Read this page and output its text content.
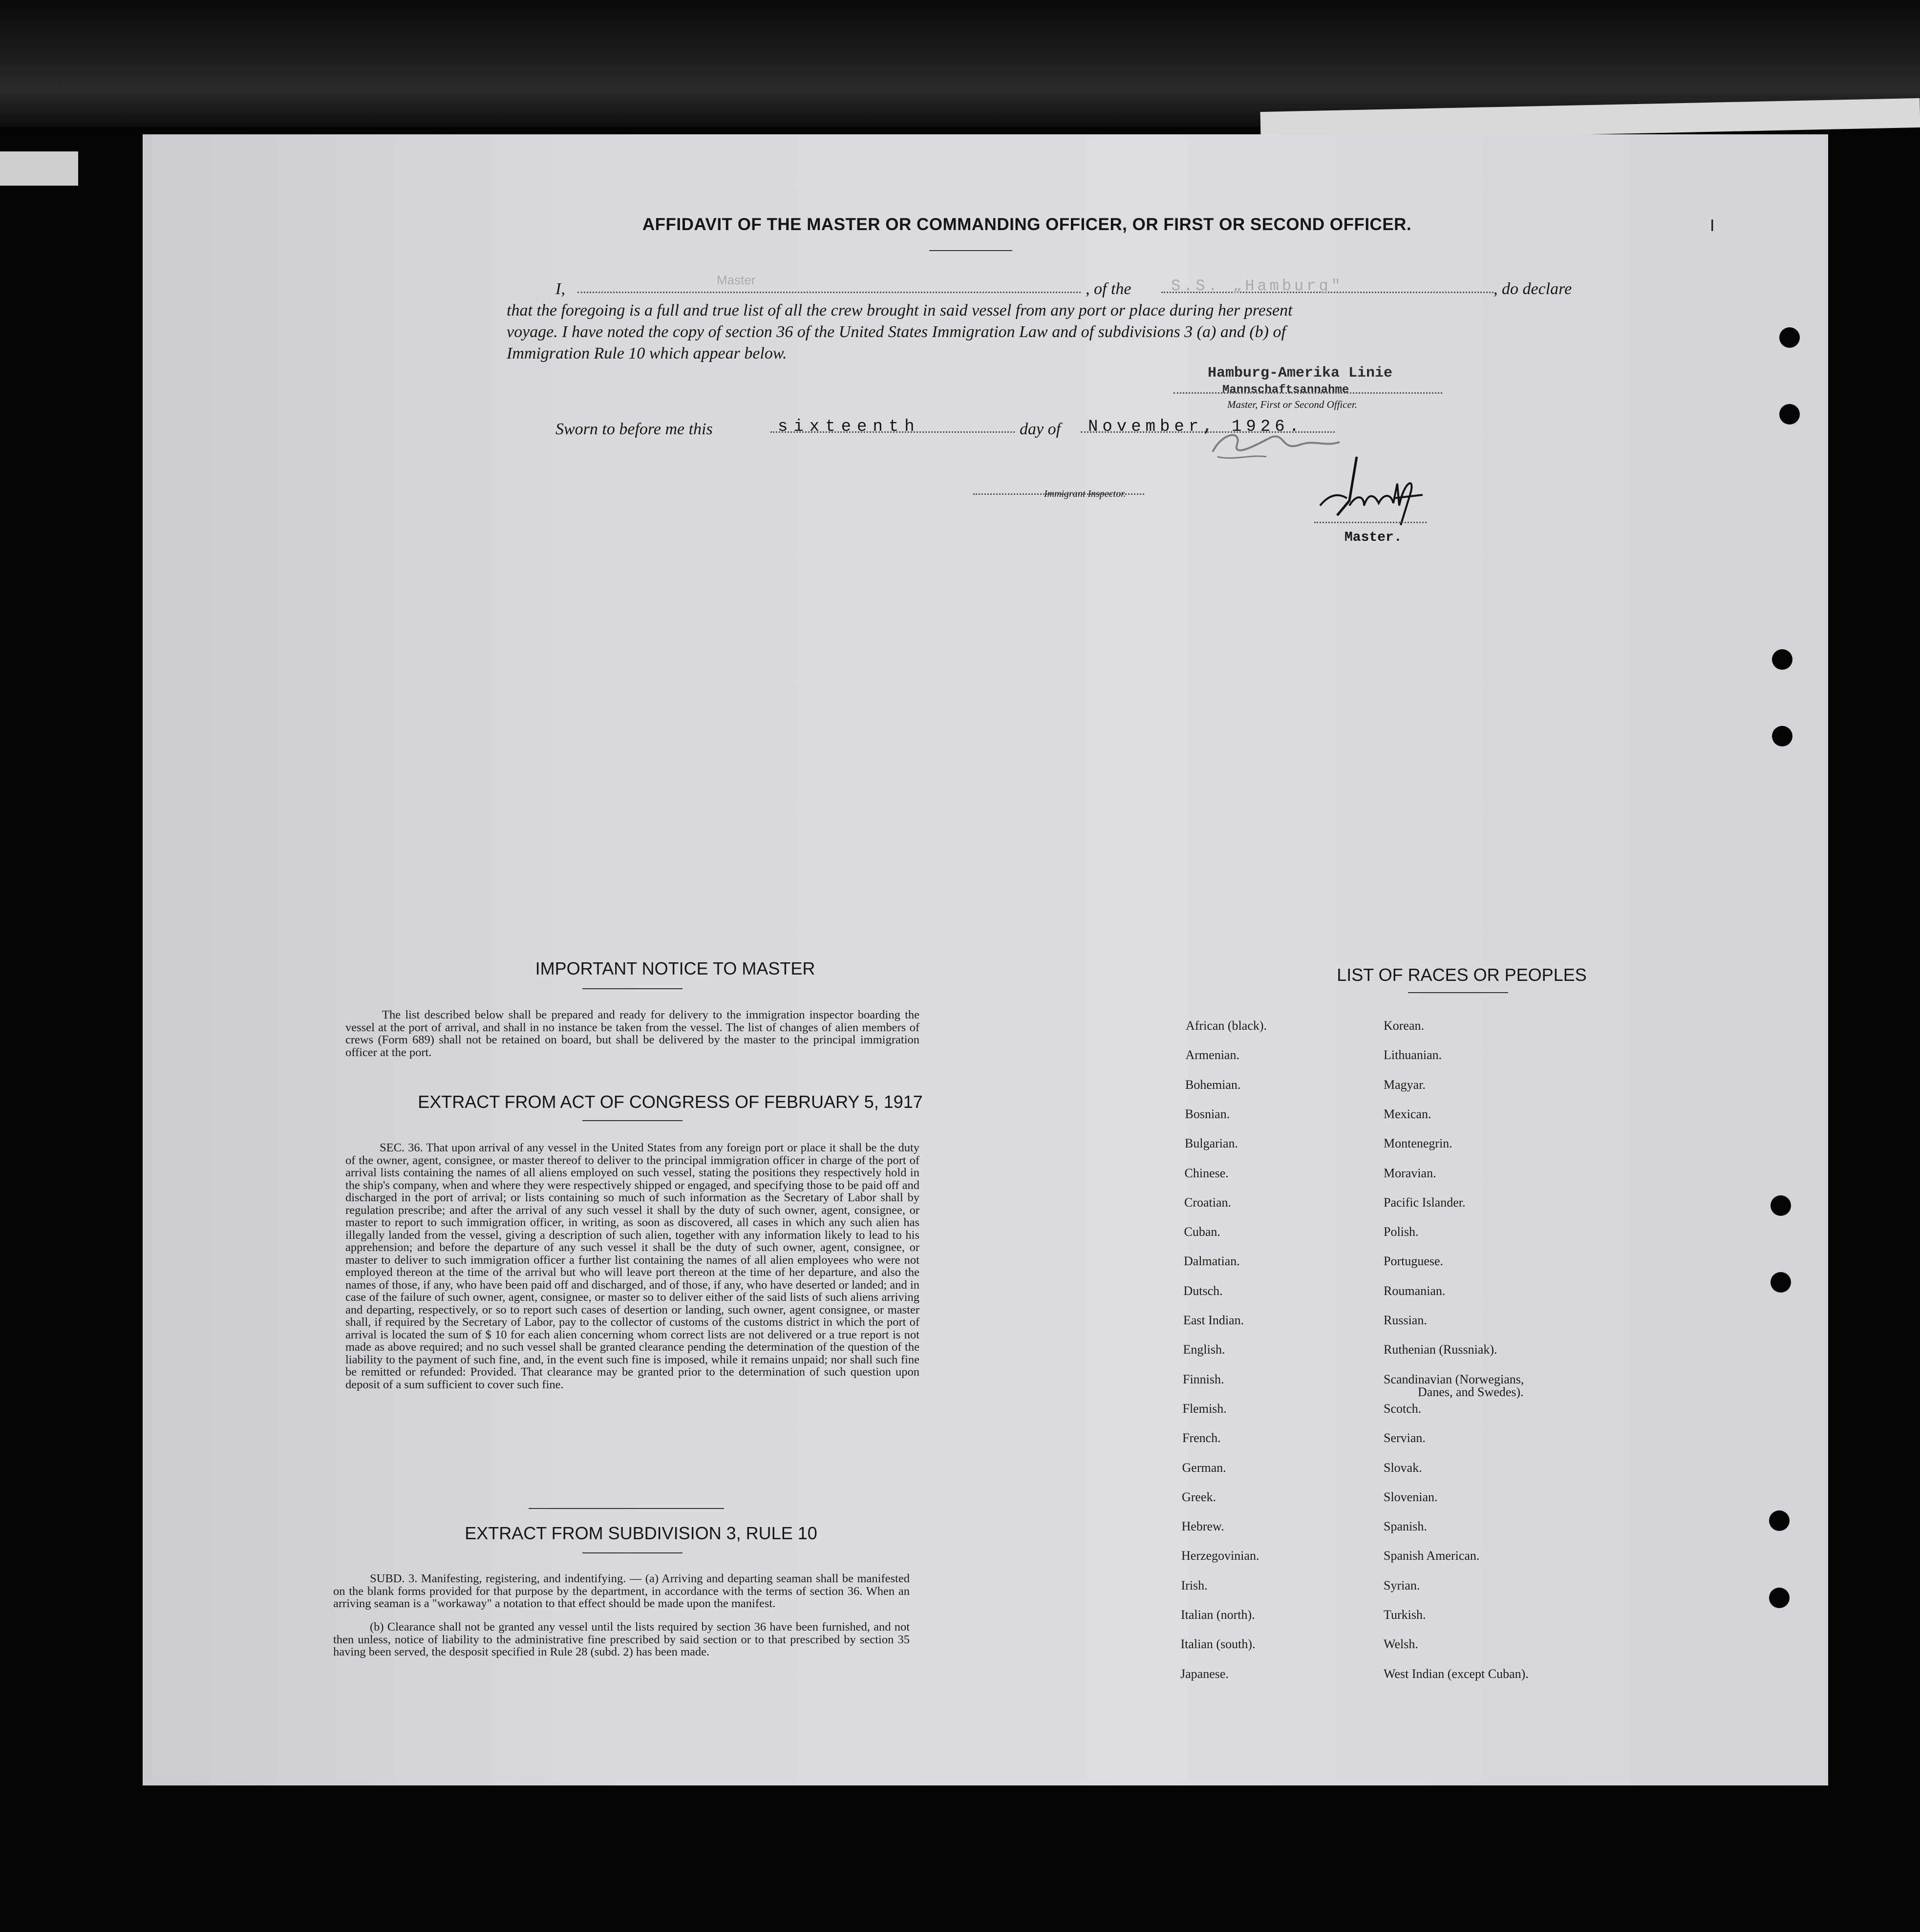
AFFIDAVIT OF THE MASTER OR COMMANDING OFFICER, OR FIRST OR SECOND OFFICER.	I
I,	Master	, of the	S.S. „Hamburg"	, do declare
that the foregoing is a full and true list of all the crew brought in said vessel from any port or place during her present
voyage. I have noted the copy of section 36 of the United States Immigration Law and of subdivisions 3 (a) and (b) of
Immigration Rule 10 which appear below.
Hamburg-Amerika Linie
Mannschaftsannahme
Master, First or Second Officer.
Sworn to before me this	sixteenth	day of November, 1926.
Immigrant Inspector.
Master.
IMPORTANT NOTICE TO MASTER
The list described below shall be prepared and ready for delivery to the immigration inspector boarding the vessel at the port of arrival, and shall in no instance be taken from the vessel. The list of changes of alien members of crews (Form 689) shall not be retained on board, but shall be delivered by the master to the principal immigration officer at the port.
EXTRACT FROM ACT OF CONGRESS OF FEBRUARY 5, 1917
SEC. 36. That upon arrival of any vessel in the United States from any foreign port or place it shall be the duty of the owner, agent, consignee, or master thereof to deliver to the principal immigration officer in charge of the port of arrival lists containing the names of all aliens employed on such vessel, stating the positions they respectively hold in the ship's company, when and where they were respectively shipped or engaged, and specifying those to be paid off and discharged in the port of arrival; or lists containing so much of such information as the Secretary of Labor shall by regulation prescribe; and after the arrival of any such vessel it shall by the duty of such owner, agent, consignee, or master to report to such immigration officer, in writing, as soon as discovered, all cases in which any such alien has illegally landed from the vessel, giving a description of such alien, together with any information likely to lead to his apprehension; and before the departure of any such vessel it shall be the duty of such owner, agent, consignee, or master to deliver to such immigration officer a further list containing the names of all alien employees who were not employed thereon at the time of the arrival but who will leave port thereon at the time of her departure, and also the names of those, if any, who have been paid off and discharged, and of those, if any, who have deserted or landed; and in case of the failure of such owner, agent, consignee, or master so to deliver either of the said lists of such aliens arriving and departing, respectively, or so to report such cases of desertion or landing, such owner, agent consignee, or master shall, if required by the Secretary of Labor, pay to the collector of customs of the customs district in which the port of arrival is located the sum of $ 10 for each alien concerning whom correct lists are not delivered or a true report is not made as above required; and no such vessel shall be granted clearance pending the determination of the question of the liability to the payment of such fine, and, in the event such fine is imposed, while it remains unpaid; nor shall such fine be remitted or refunded: Provided. That clearance may be granted prior to the determination of such question upon deposit of a sum sufficient to cover such fine.
EXTRACT FROM SUBDIVISION 3, RULE 10
SUBD. 3. Manifesting, registering, and indentifying. — (a) Arriving and departing seaman shall be manifested on the blank forms provided for that purpose by the department, in accordance with the terms of section 36. When an arriving seaman is a "workaway" a notation to that effect should be made upon the manifest.
(b) Clearance shall not be granted any vessel until the lists required by section 36 have been furnished, and not then unless, notice of liability to the administrative fine prescribed by said section or to that prescribed by section 35 having been served, the desposit specified in Rule 28 (subd. 2) has been made.
LIST OF RACES OR PEOPLES
African (black).
Armenian.
Bohemian.
Bosnian.
Bulgarian.
Chinese.
Croatian.
Cuban.
Dalmatian.
Dutsch.
East Indian.
English.
Finnish.
Flemish.
French.
German.
Greek.
Hebrew.
Herzegovinian.
Irish.
Italian (north).
Italian (south).
Japanese.
Korean.
Lithuanian.
Magyar.
Mexican.
Montenegrin.
Moravian.
Pacific Islander.
Polish.
Portuguese.
Roumanian.
Russian.
Ruthenian (Russniak).
Scandinavian (Norwegians,
Danes, and Swedes).
Scotch.
Servian.
Slovak.
Slovenian.
Spanish.
Spanish American.
Syrian.
Turkish.
Welsh.
West Indian (except Cuban).
